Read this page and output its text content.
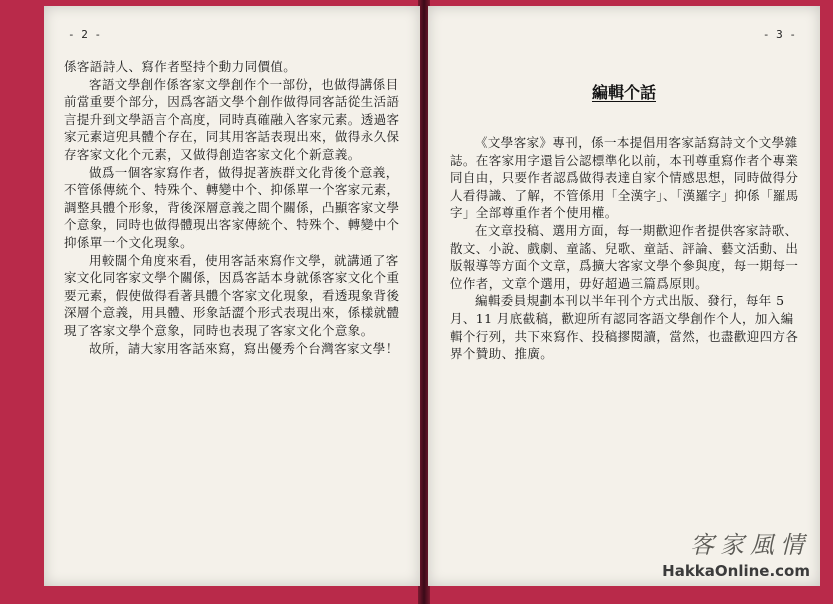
- 2 -

係客語詩人、寫作者堅持个動力同價值。

客語文學創作係客家文學創作个一部份，也做得講係目前當重要个部分，因爲客語文學个創作做得同客話從生活語言提升到文學語言个高度，同時真確融入客家元素。透過客家元素這兜具體个存在，同其用客話表現出來，做得永久保存客家文化个元素，又做得創造客家文化个新意義。

做爲一個客家寫作者，做得捉著族群文化背後个意義，不管係傳統个、特殊个、轉變中个、抑係單一个客家元素，調整具體个形象，背後深層意義之間个關係，凸顯客家文學个意象，同時也做得體現出客家傳統个、特殊个、轉變中个抑係單一个文化現象。

用較闊个角度來看，使用客話來寫作文學，就講通了客家文化同客家文學个關係，因爲客話本身就係客家文化个重要元素，假使做得看著具體个客家文化現象，看透現象背後深層个意義，用具體、形象話澀个形式表現出來，係樣就體現了客家文學个意象，同時也表現了客家文化个意象。

故所，請大家用客話來寫，寫出優秀个台灣客家文學！

- 3 -
編輯个話

《文學客家》專刊，係一本提倡用客家話寫詩文个文學雜誌。在客家用字還旨公認標準化以前，本刊尊重寫作者个專業同自由，只要作者認爲做得表達自家个情感思想，同時做得分人看得識、了解，不管係用「全漢字」、「漢羅字」抑係「羅馬字」全部尊重作者个使用權。

在文章投稿、選用方面，每一期歡迎作者提供客家詩歌、散文、小說、戲劇、童謠、兒歌、童話、評論、藝文活動、出版報導等方面个文章，爲擴大客家文學个參與度，每一期每一位作者，文章个選用，毋好超過三篇爲原則。

編輯委員規劃本刊以半年刊个方式出版、發行，每年 5 月、11 月底截稿，歡迎所有認同客語文學創作个人，加入編輯个行列，共下來寫作、投稿摎閱讀，當然，也盡歡迎四方各界个贊助、推廣。

客家風情
HakkaOnline.com
